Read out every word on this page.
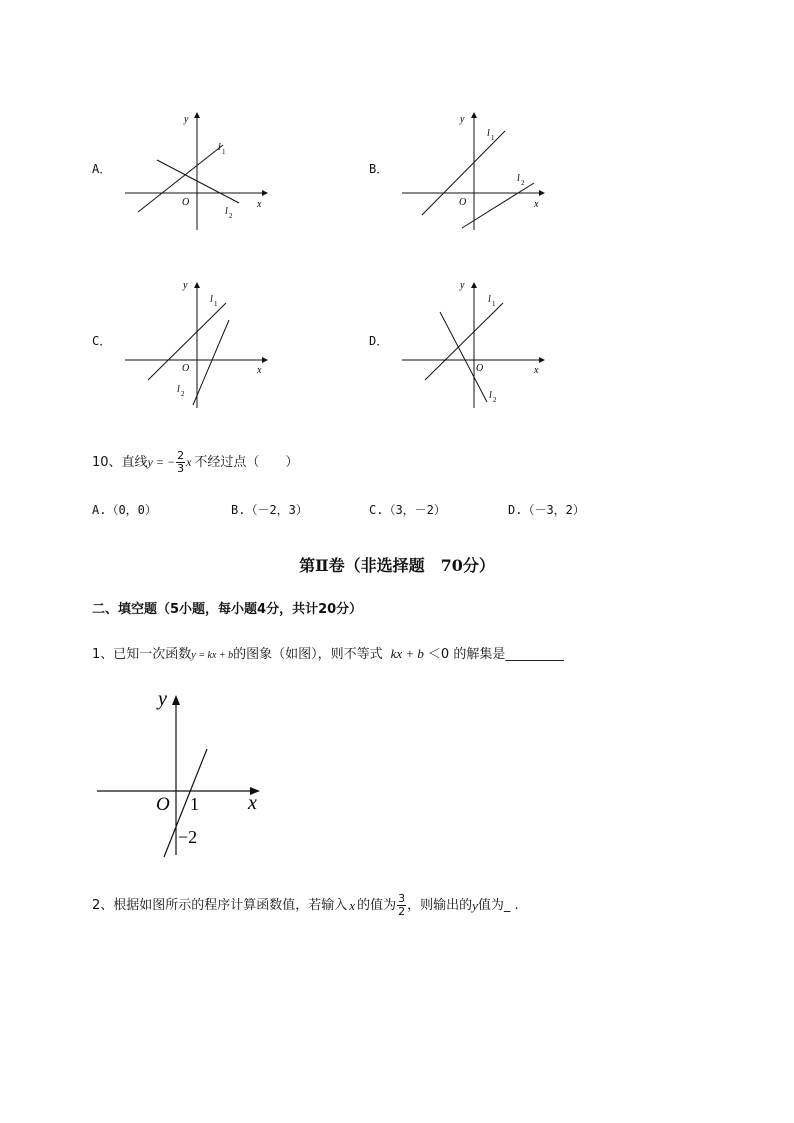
A．
y
x
O
l 1
l 2
B．
y
x
O
l 1
l 2
C．
y
x
O
l 1
l 2
D．
y
x
O
l 1
l 2
10、直线 y = − $\frac{2}{3}$ x 不经过点（　　）
A.（0，0）	B.（－2，3）	C.（3，－2）	D.（－3，2）
第Ⅱ卷（非选择题　70分）
二、填空题（5小题，每小题4分，共计20分）
1、已知一次函数 y = kx + b 的图象（如图），则不等式 kx + b ＜0 的解集是 _________
y
x
O 1
−2
2、根据如图所示的程序计算函数值，若输入 x 的值为 $\frac{3}{2}$ ，则输出的 y 值为_ .
